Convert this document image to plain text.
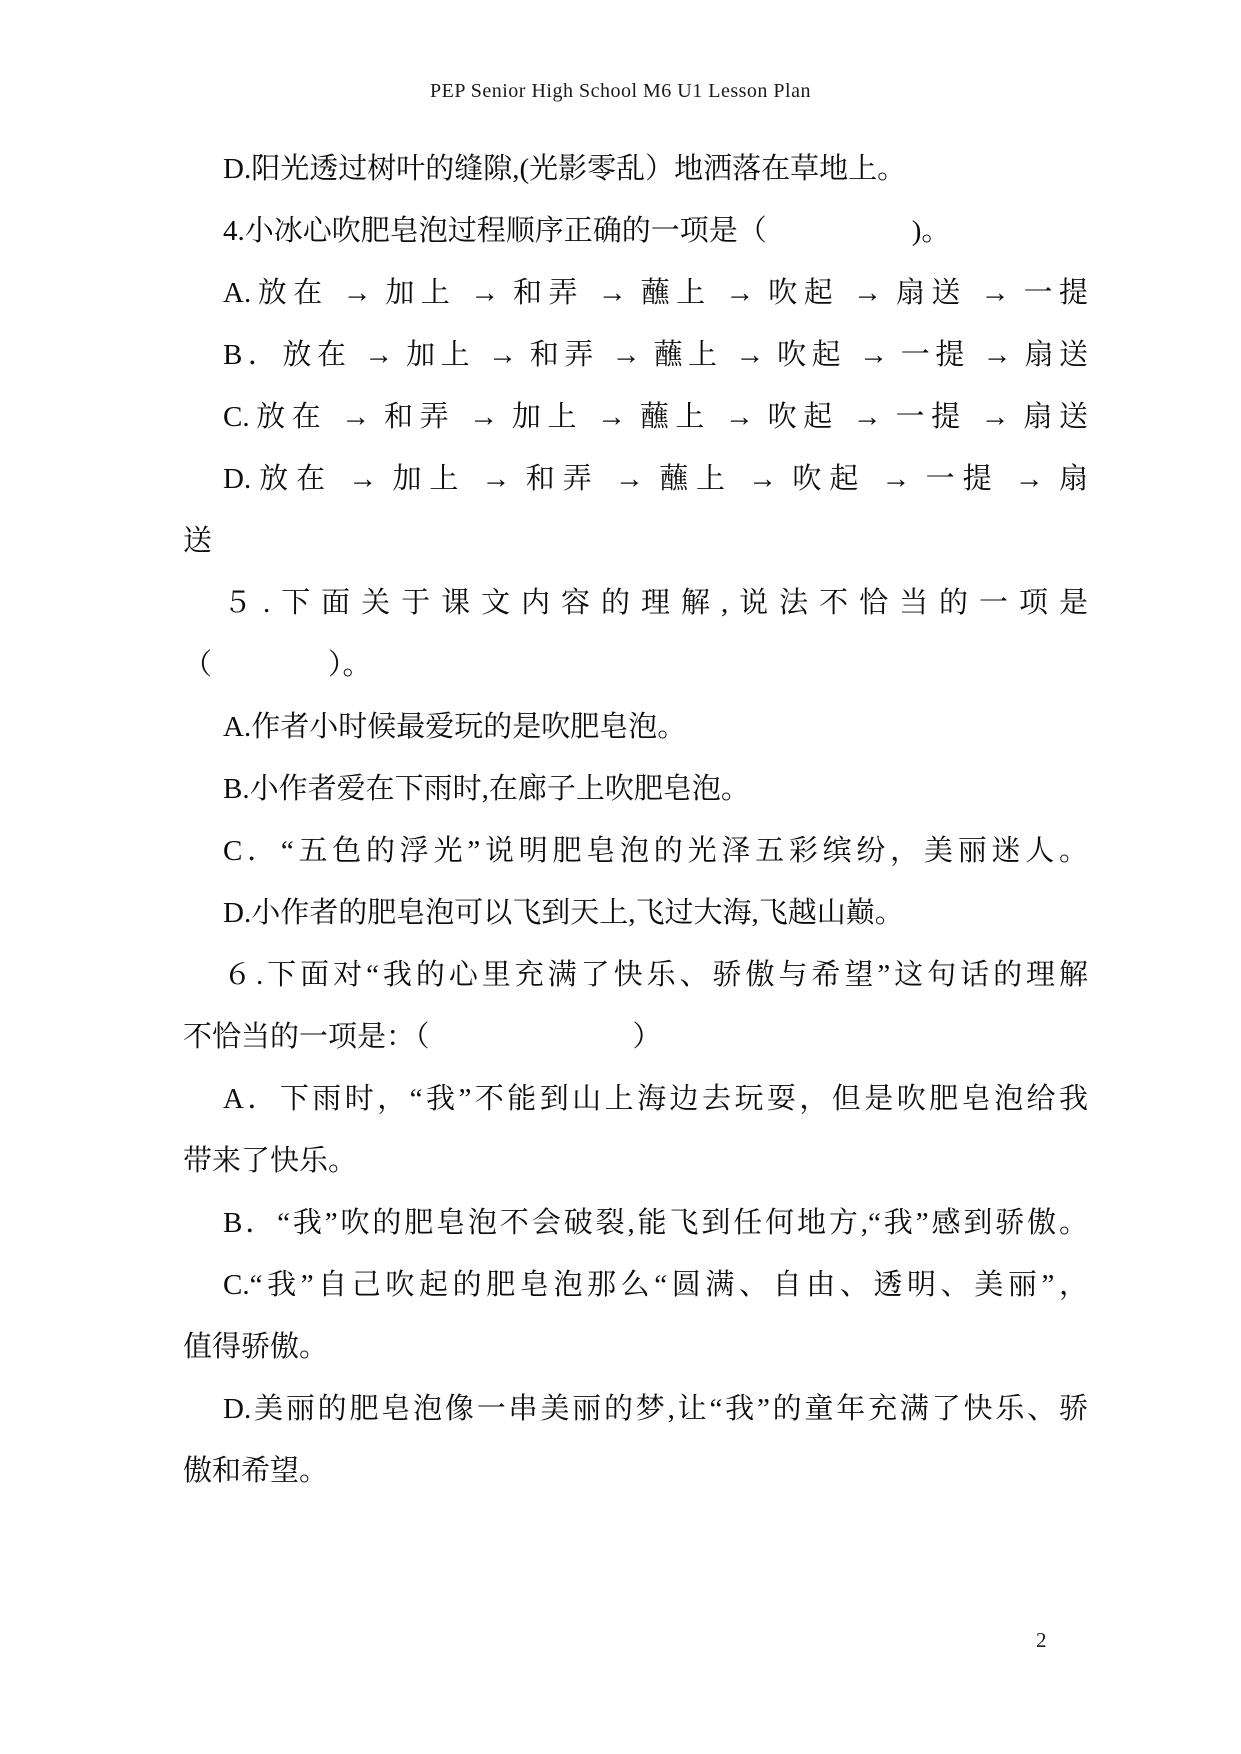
PEP Senior High School M6 U1 Lesson Plan
D.阳光透过树叶的缝隙,(光影零乱）地洒落在草地上。
4.小冰心吹肥皂泡过程顺序正确的一项是（　　　　　)。
A.放在 → 加上 → 和弄 → 蘸上 → 吹起 → 扇送 → 一提
B．放在 → 加上 → 和弄 → 蘸上 → 吹起 → 一提 → 扇送
C.放在 → 和弄 → 加上 → 蘸上 → 吹起 → 一提 → 扇送
D.放在 → 加上 → 和弄 → 蘸上 → 吹起 → 一提 → 扇
送
５.下面关于课文内容的理解,说法不恰当的一项是
（　　　　）。
A.作者小时候最爱玩的是吹肥皂泡。
B.小作者爱在下雨时,在廊子上吹肥皂泡。
C．“五色的浮光”说明肥皂泡的光泽五彩缤纷，美丽迷人。
D.小作者的肥皂泡可以飞到天上,飞过大海,飞越山巅。
６.下面对“我的心里充满了快乐、骄傲与希望”这句话的理解
不恰当的一项是：（　　　　　　　）
A．下雨时，“我”不能到山上海边去玩耍，但是吹肥皂泡给我
带来了快乐。
B．“我”吹的肥皂泡不会破裂,能飞到任何地方,“我”感到骄傲。
C.“我”自己吹起的肥皂泡那么“圆满、自由、透明、美丽”，
值得骄傲。
D.美丽的肥皂泡像一串美丽的梦,让“我”的童年充满了快乐、骄
傲和希望。
2
